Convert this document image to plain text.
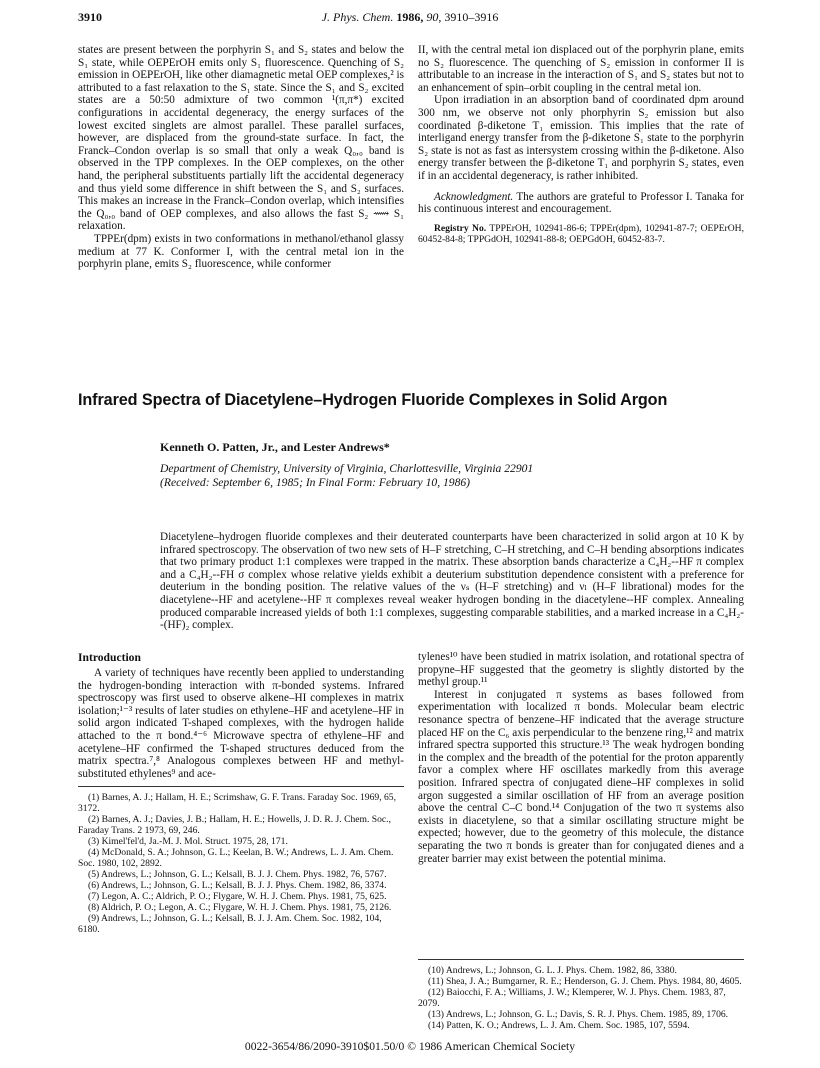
3910	J. Phys. Chem. 1986, 90, 3910–3916

states are present between the porphyrin S₁ and S₂ states and below the S₁ state, while OEPErOH emits only S₁ fluorescence. Quenching of S₂ emission in OEPErOH, like other diamagnetic metal OEP complexes,² is attributed to a fast relaxation to the S₁ state. Since the S₁ and S₂ excited states are a 50:50 admixture of two common ¹(π,π*) excited configurations in accidental degeneracy, the energy surfaces of the lowest excited singlets are almost parallel. These parallel surfaces, however, are displaced from the ground-state surface. In fact, the Franck–Condon overlap is so small that only a weak Q₀,₀ band is observed in the TPP complexes. In the OEP complexes, on the other hand, the peripheral substituents partially lift the accidental degeneracy and thus yield some difference in shift between the S₁ and S₂ surfaces. This makes an increase in the Franck–Condon overlap, which intensifies the Q₀,₀ band of OEP complexes, and also allows the fast S₂ ⟿ S₁ relaxation.

TPPEr(dpm) exists in two conformations in methanol/ethanol glassy medium at 77 K. Conformer I, with the central metal ion in the porphyrin plane, emits S₂ fluorescence, while conformer

II, with the central metal ion displaced out of the porphyrin plane, emits no S₂ fluorescence. The quenching of S₂ emission in conformer II is attributable to an increase in the interaction of S₁ and S₂ states but not to an enhancement of spin–orbit coupling in the central metal ion.

Upon irradiation in an absorption band of coordinated dpm around 300 nm, we observe not only phorphyrin S₂ emission but also coordinated β-diketone T₁ emission. This implies that the rate of interligand energy transfer from the β-diketone S₁ state to the porphyrin S₂ state is not as fast as intersystem crossing within the β-diketone. Also energy transfer between the β-diketone T₁ and porphyrin S₂ states, even if in an accidental degeneracy, is rather inhibited.

Acknowledgment. The authors are grateful to Professor I. Tanaka for his continuous interest and encouragement.

Registry No. TPPErOH, 102941-86-6; TPPEr(dpm), 102941-87-7; OEPErOH, 60452-84-8; TPPGdOH, 102941-88-8; OEPGdOH, 60452-83-7.

Infrared Spectra of Diacetylene–Hydrogen Fluoride Complexes in Solid Argon
Kenneth O. Patten, Jr., and Lester Andrews*
Department of Chemistry, University of Virginia, Charlottesville, Virginia 22901
(Received: September 6, 1985; In Final Form: February 10, 1986)
Diacetylene–hydrogen fluoride complexes and their deuterated counterparts have been characterized in solid argon at 10 K by infrared spectroscopy. The observation of two new sets of H–F stretching, C–H stretching, and C–H bending absorptions indicates that two primary product 1:1 complexes were trapped in the matrix. These absorption bands characterize a C₄H₂--HF π complex and a C₄H₂--FH σ complex whose relative yields exhibit a deuterium substitution dependence consistent with a preference for deuterium in the bonding position. The relative values of the νₛ (H–F stretching) and νₗ (H–F librational) modes for the diacetylene--HF and acetylene--HF π complexes reveal weaker hydrogen bonding in the diacetylene--HF complex. Annealing produced comparable increased yields of both 1:1 complexes, suggesting comparable stabilities, and a marked increase in a C₄H₂--(HF)₂ complex.
Introduction

A variety of techniques have recently been applied to understanding the hydrogen-bonding interaction with π-bonded systems. Infrared spectroscopy was first used to observe alkene–HI complexes in matrix isolation;¹⁻³ results of later studies on ethylene–HF and acetylene–HF in solid argon indicated T-shaped complexes, with the hydrogen halide attached to the π bond.⁴⁻⁶ Microwave spectra of ethylene–HF and acetylene–HF confirmed the T-shaped structures deduced from the matrix spectra.⁷,⁸ Analogous complexes between HF and methyl-substituted ethylenes⁹ and ace-

tylenes¹⁰ have been studied in matrix isolation, and rotational spectra of propyne–HF suggested that the geometry is slightly distorted by the methyl group.¹¹

Interest in conjugated π systems as bases followed from experimentation with localized π bonds. Molecular beam electric resonance spectra of benzene–HF indicated that the average structure placed HF on the C₆ axis perpendicular to the benzene ring,¹² and matrix infrared spectra supported this structure.¹³ The weak hydrogen bonding in the complex and the breadth of the potential for the proton apparently favor a complex where HF oscillates markedly from this average position. Infrared spectra of conjugated diene–HF complexes in solid argon suggested a similar oscillation of HF from an average position above the central C–C bond.¹⁴ Conjugation of the two π systems also exists in diacetylene, so that a similar oscillating structure might be expected; however, due to the geometry of this molecule, the distance separating the two π bonds is greater than for conjugated dienes and a greater barrier may exist between the potential minima.

(1) Barnes, A. J.; Hallam, H. E.; Scrimshaw, G. F. Trans. Faraday Soc. 1969, 65, 3172.
(2) Barnes, A. J.; Davies, J. B.; Hallam, H. E.; Howells, J. D. R. J. Chem. Soc., Faraday Trans. 2 1973, 69, 246.
(3) Kimel'fel'd, Ja.-M. J. Mol. Struct. 1975, 28, 171.
(4) McDonald, S. A.; Johnson, G. L.; Keelan, B. W.; Andrews, L. J. Am. Chem. Soc. 1980, 102, 2892.
(5) Andrews, L.; Johnson, G. L.; Kelsall, B. J. J. Chem. Phys. 1982, 76, 5767.
(6) Andrews, L.; Johnson, G. L.; Kelsall, B. J. J. Phys. Chem. 1982, 86, 3374.
(7) Legon, A. C.; Aldrich, P. O.; Flygare, W. H. J. Chem. Phys. 1981, 75, 625.
(8) Aldrich, P. O.; Legon, A. C.; Flygare, W. H. J. Chem. Phys. 1981, 75, 2126.
(9) Andrews, L.; Johnson, G. L.; Kelsall, B. J. J. Am. Chem. Soc. 1982, 104, 6180.
(10) Andrews, L.; Johnson, G. L. J. Phys. Chem. 1982, 86, 3380.
(11) Shea, J. A.; Bumgarner, R. E.; Henderson, G. J. Chem. Phys. 1984, 80, 4605.
(12) Baiocchi, F. A.; Williams, J. W.; Klemperer, W. J. Phys. Chem. 1983, 87, 2079.
(13) Andrews, L.; Johnson, G. L.; Davis, S. R. J. Phys. Chem. 1985, 89, 1706.
(14) Patten, K. O.; Andrews, L. J. Am. Chem. Soc. 1985, 107, 5594.
0022-3654/86/2090-3910$01.50/0 © 1986 American Chemical Society
